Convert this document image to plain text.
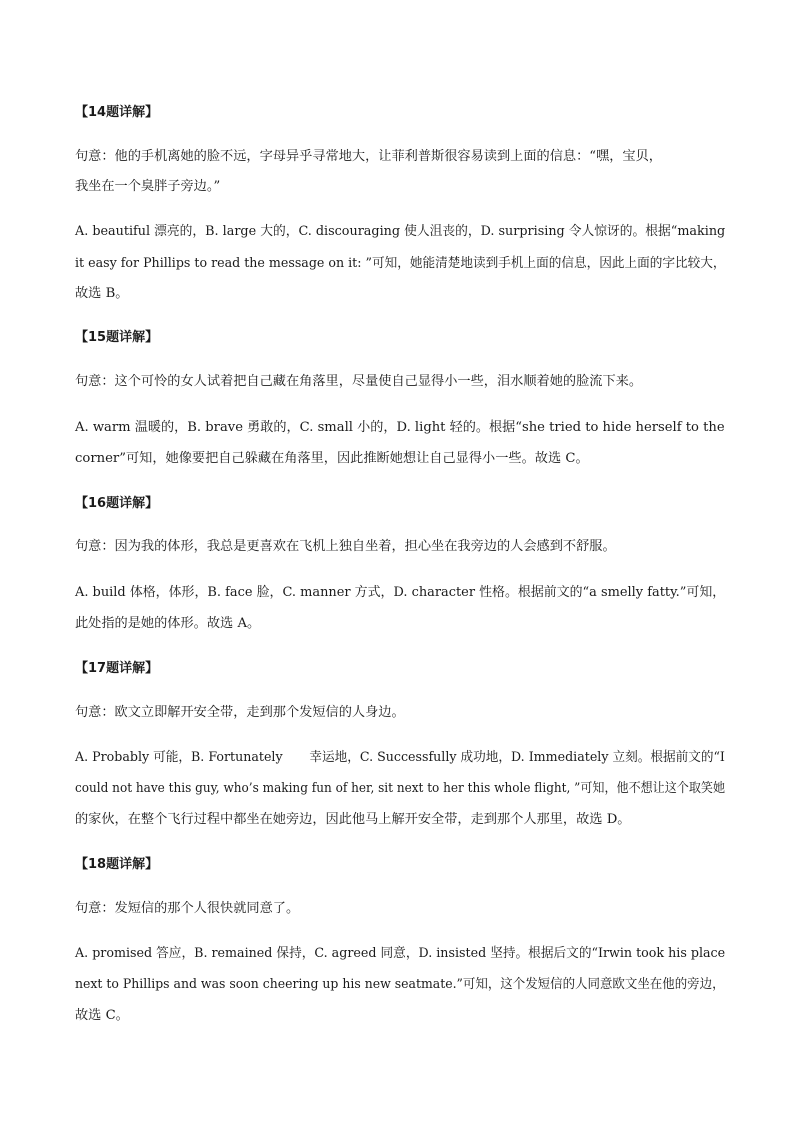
【14题详解】
句意：他的手机离她的脸不远，字母异乎寻常地大，让菲利普斯很容易读到上面的信息：“嘿，宝贝，
我坐在一个臭胖子旁边。”
A. beautiful 漂亮的，B. large 大的，C. discouraging 使人沮丧的，D. surprising 令人惊讶的。根据“making
it easy for Phillips to read the message on it: ”可知，她能清楚地读到手机上面的信息，因此上面的字比较大，
故选 B。
【15题详解】
句意：这个可怜的女人试着把自己藏在角落里，尽量使自己显得小一些，泪水顺着她的脸流下来。
A. warm 温暖的，B. brave 勇敢的，C. small 小的，D. light 轻的。根据“she tried to hide herself to the
corner”可知，她像要把自己躲藏在角落里，因此推断她想让自己显得小一些。故选 C。
【16题详解】
句意：因为我的体形，我总是更喜欢在飞机上独自坐着，担心坐在我旁边的人会感到不舒服。
A. build 体格，体形，B. face 脸，C. manner 方式，D. character 性格。根据前文的“a smelly fatty.”可知，
此处指的是她的体形。故选 A。
【17题详解】
句意：欧文立即解开安全带，走到那个发短信的人身边。
A. Probably 可能，B. Fortunately 幸运地，C. Successfully 成功地，D. Immediately 立刻。根据前文的“I
could not have this guy, who’s making fun of her, sit next to her this whole flight, ”可知，他不想让这个取笑她
的家伙，在整个飞行过程中都坐在她旁边，因此他马上解开安全带，走到那个人那里，故选 D。
【18题详解】
句意：发短信的那个人很快就同意了。
A. promised 答应，B. remained 保持，C. agreed 同意，D. insisted 坚持。根据后文的“Irwin took his place
next to Phillips and was soon cheering up his new seatmate.”可知，这个发短信的人同意欧文坐在他的旁边，
故选 C。
